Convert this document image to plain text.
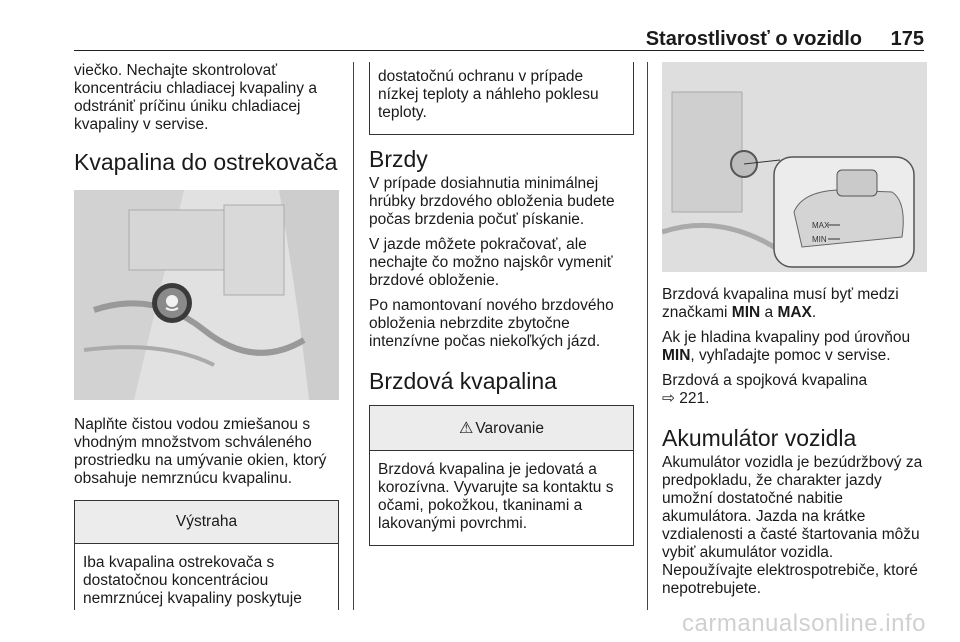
Starostlivosť o vozidlo 175

viečko. Nechajte skontrolovať koncentráciu chladiacej kvapaliny a odstrániť príčinu úniku chladiacej kvapaliny v servise.

Kvapalina do ostrekovača

Naplňte čistou vodou zmiešanou s vhodným množstvom schváleného prostriedku na umývanie okien, ktorý obsahuje nemrznúcu kvapalinu.

Výstraha

Iba kvapalina ostrekovača s dostatočnou koncentráciou nemrznúcej kvapaliny poskytuje

dostatočnú ochranu v prípade nízkej teploty a náhleho poklesu teploty.

Brzdy

V prípade dosiahnutia minimálnej hrúbky brzdového obloženia budete počas brzdenia počuť pískanie.

V jazde môžete pokračovať, ale nechajte čo možno najskôr vymeniť brzdové obloženie.

Po namontovaní nového brzdového obloženia nebrzdite zbytočne intenzívne počas niekoľkých jázd.

Brzdová kvapalina
⚠ Varovanie

Brzdová kvapalina je jedovatá a korozívna. Vyvarujte sa kontaktu s očami, pokožkou, tkaninami a lakovanými povrchmi.

MAX
MIN

Brzdová kvapalina musí byť medzi značkami MIN a MAX.

Ak je hladina kvapaliny pod úrovňou MIN, vyhľadajte pomoc v servise.

Brzdová a spojková kvapalina
⇨ 221.

Akumulátor vozidla

Akumulátor vozidla je bezúdržbový za predpokladu, že charakter jazdy umožní dostatočné nabitie akumulátora. Jazda na krátke vzdialenosti a časté štartovania môžu vybiť akumulátor vozidla.

Nepoužívajte elektrospotrebiče, ktoré nepotrebujete.

carmanualsonline.info
